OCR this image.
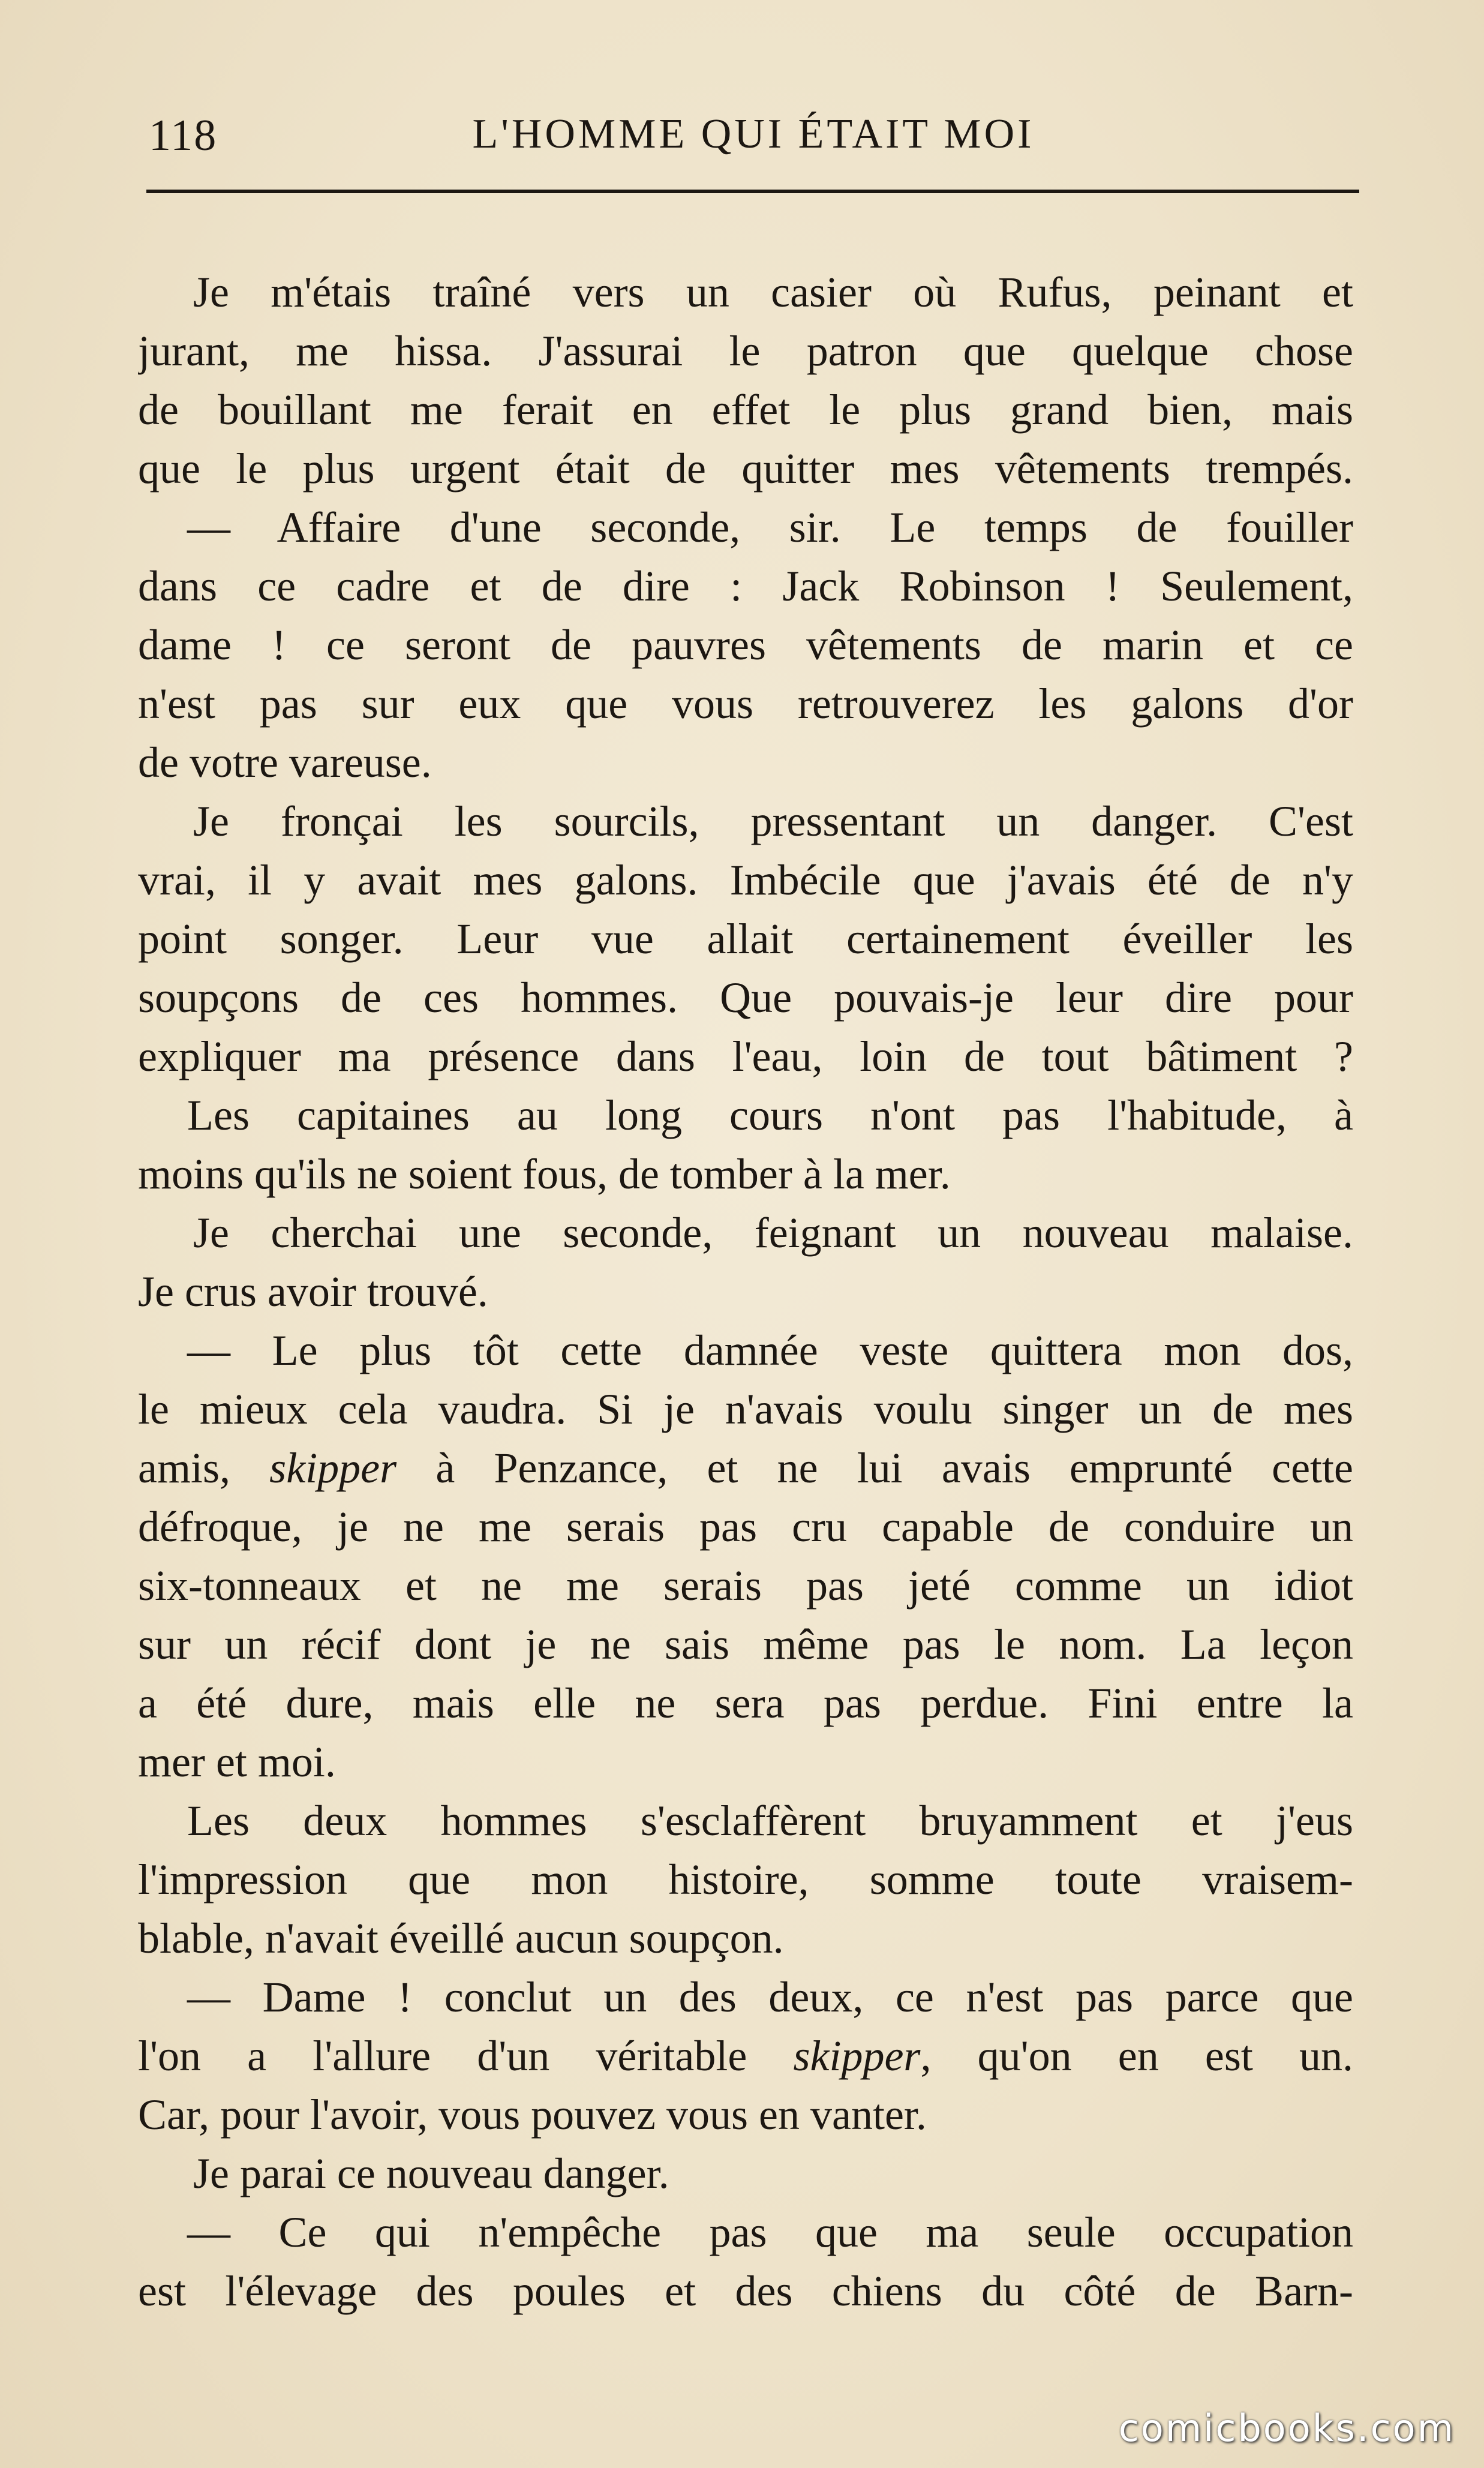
118	L'HOMME QUI ÉTAIT MOI
Je m'étais traîné vers un casier où Rufus, peinant et
jurant, me hissa. J'assurai le patron que quelque chose
de bouillant me ferait en effet le plus grand bien, mais
que le plus urgent était de quitter mes vêtements trempés.
— Affaire d'une seconde, sir. Le temps de fouiller
dans ce cadre et de dire : Jack Robinson ! Seulement,
dame ! ce seront de pauvres vêtements de marin et ce
n'est pas sur eux que vous retrouverez les galons d'or
de votre vareuse.
Je fronçai les sourcils, pressentant un danger. C'est
vrai, il y avait mes galons. Imbécile que j'avais été de n'y
point songer. Leur vue allait certainement éveiller les
soupçons de ces hommes. Que pouvais-je leur dire pour
expliquer ma présence dans l'eau, loin de tout bâtiment ?
Les capitaines au long cours n'ont pas l'habitude, à
moins qu'ils ne soient fous, de tomber à la mer.
Je cherchai une seconde, feignant un nouveau malaise.
Je crus avoir trouvé.
— Le plus tôt cette damnée veste quittera mon dos,
le mieux cela vaudra. Si je n'avais voulu singer un de mes
amis, skipper à Penzance, et ne lui avais emprunté cette
défroque, je ne me serais pas cru capable de conduire un
six-tonneaux et ne me serais pas jeté comme un idiot
sur un récif dont je ne sais même pas le nom. La leçon
a été dure, mais elle ne sera pas perdue. Fini entre la
mer et moi.
Les deux hommes s'esclaffèrent bruyamment et j'eus
l'impression que mon histoire, somme toute vraisem-
blable, n'avait éveillé aucun soupçon.
— Dame ! conclut un des deux, ce n'est pas parce que
l'on a l'allure d'un véritable skipper, qu'on en est un.
Car, pour l'avoir, vous pouvez vous en vanter.
Je parai ce nouveau danger.
— Ce qui n'empêche pas que ma seule occupation
est l'élevage des poules et des chiens du côté de Barn-
comicbooks.com
